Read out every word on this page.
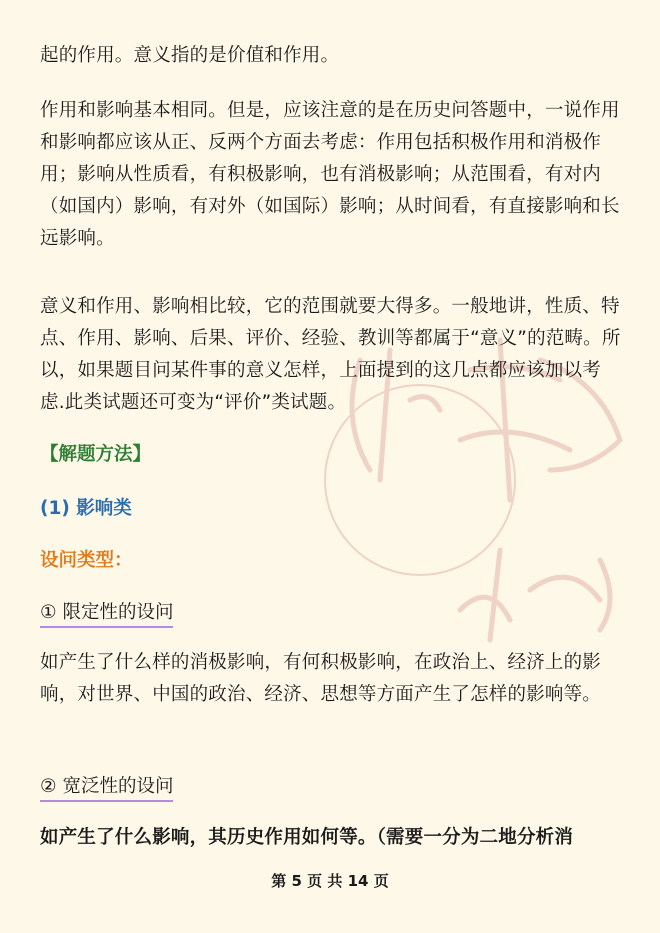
起的作用。意义指的是价值和作用。

作用和影响基本相同。但是，应该注意的是在历史问答题中，一说作用和影响都应该从正、反两个方面去考虑：作用包括积极作用和消极作用；影响从性质看，有积极影响，也有消极影响；从范围看，有对内（如国内）影响，有对外（如国际）影响；从时间看，有直接影响和长远影响。

意义和作用、影响相比较，它的范围就要大得多。一般地讲，性质、特点、作用、影响、后果、评价、经验、教训等都属于“意义”的范畴。所以，如果题目问某件事的意义怎样，上面提到的这几点都应该加以考虑.此类试题还可变为“评价”类试题。

【解题方法】
(1) 影响类
设问类型：
① 限定性的设问

如产生了什么样的消极影响，有何积极影响，在政治上、经济上的影响，对世界、中国的政治、经济、思想等方面产生了怎样的影响等。

② 宽泛性的设问

如产生了什么影响，其历史作用如何等。（需要一分为二地分析消

第 5 页 共 14 页
